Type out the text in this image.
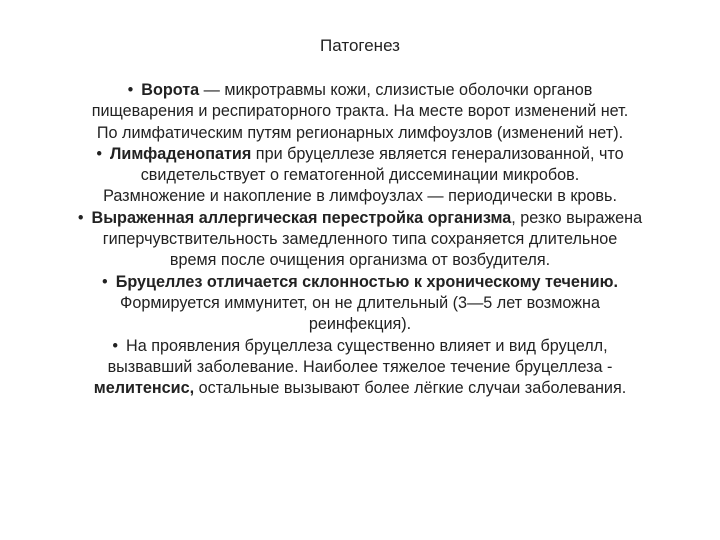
Патогенез

• Ворота — микротравмы кожи, слизистые оболочки органов
пищеварения и респираторного тракта. На месте ворот изменений нет.
По лимфатическим путям регионарных лимфоузлов (изменений нет).

• Лимфаденопатия при бруцеллезе является генерализованной, что
свидетельствует о гематогенной диссеминации микробов.
Размножение и накопление в лимфоузлах — периодически в кровь.

• Выраженная аллергическая перестройка организма, резко выражена
гиперчувствительность замедленного типа сохраняется длительное
время после очищения организма от возбудителя.

• Бруцеллез отличается склонностью к хроническому течению.
Формируется иммунитет, он не длительный (3—5 лет возможна
реинфекция).

• На проявления бруцеллеза существенно влияет и вид бруцелл,
вызвавший заболевание. Наиболее тяжелое течение бруцеллеза -
мелитенсис, остальные вызывают более лёгкие случаи заболевания.
